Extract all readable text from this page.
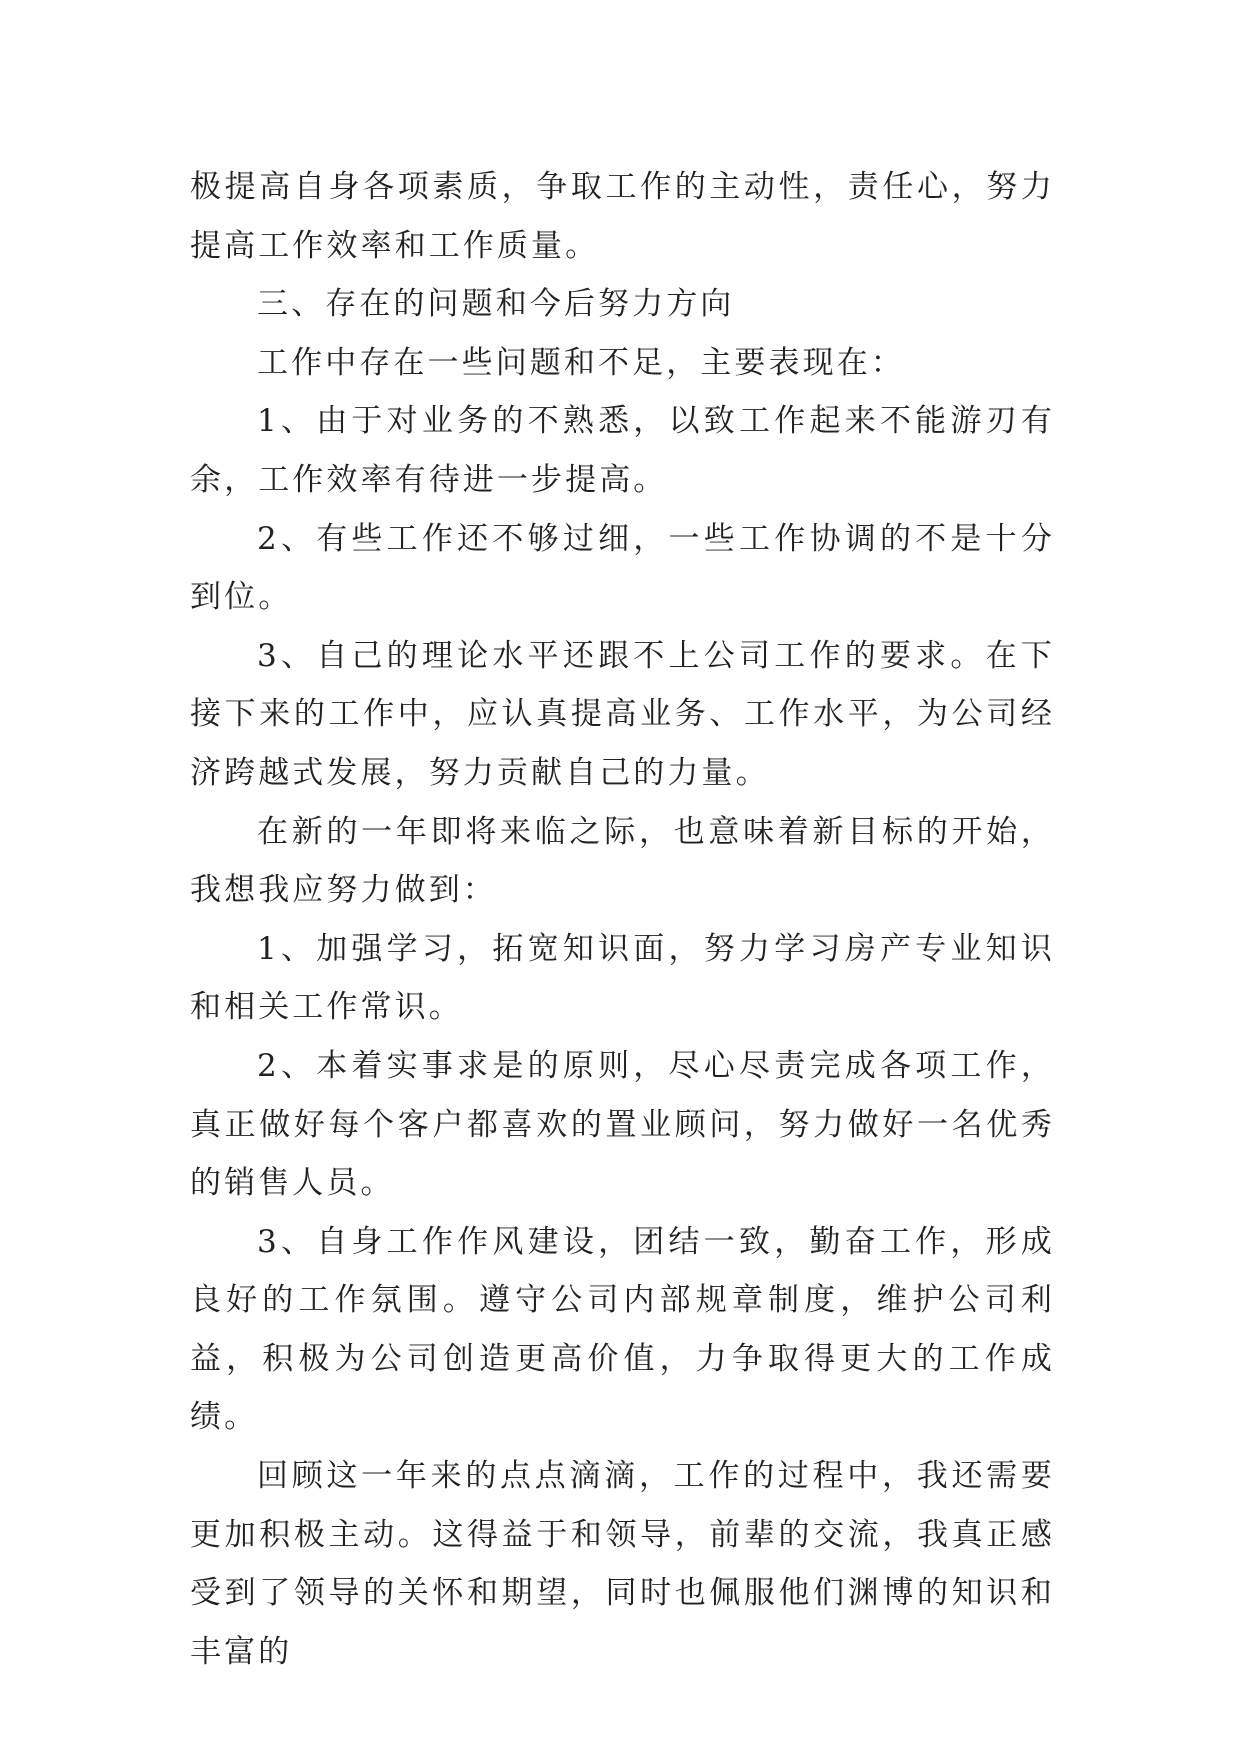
极提高自身各项素质，争取工作的主动性，责任心，努力提高工作效率和工作质量。

三、存在的问题和今后努力方向

工作中存在一些问题和不足，主要表现在：

1、由于对业务的不熟悉，以致工作起来不能游刃有余，工作效率有待进一步提高。

2、有些工作还不够过细，一些工作协调的不是十分到位。

3、自己的理论水平还跟不上公司工作的要求。在下接下来的工作中，应认真提高业务、工作水平，为公司经济跨越式发展，努力贡献自己的力量。

在新的一年即将来临之际，也意味着新目标的开始，我想我应努力做到：

1、加强学习，拓宽知识面，努力学习房产专业知识和相关工作常识。

2、本着实事求是的原则，尽心尽责完成各项工作，真正做好每个客户都喜欢的置业顾问，努力做好一名优秀的销售人员。

3、自身工作作风建设，团结一致，勤奋工作，形成良好的工作氛围。遵守公司内部规章制度，维护公司利益，积极为公司创造更高价值，力争取得更大的工作成绩。

回顾这一年来的点点滴滴，工作的过程中，我还需要更加积极主动。这得益于和领导，前辈的交流，我真正感受到了领导的关怀和期望，同时也佩服他们渊博的知识和丰富的
